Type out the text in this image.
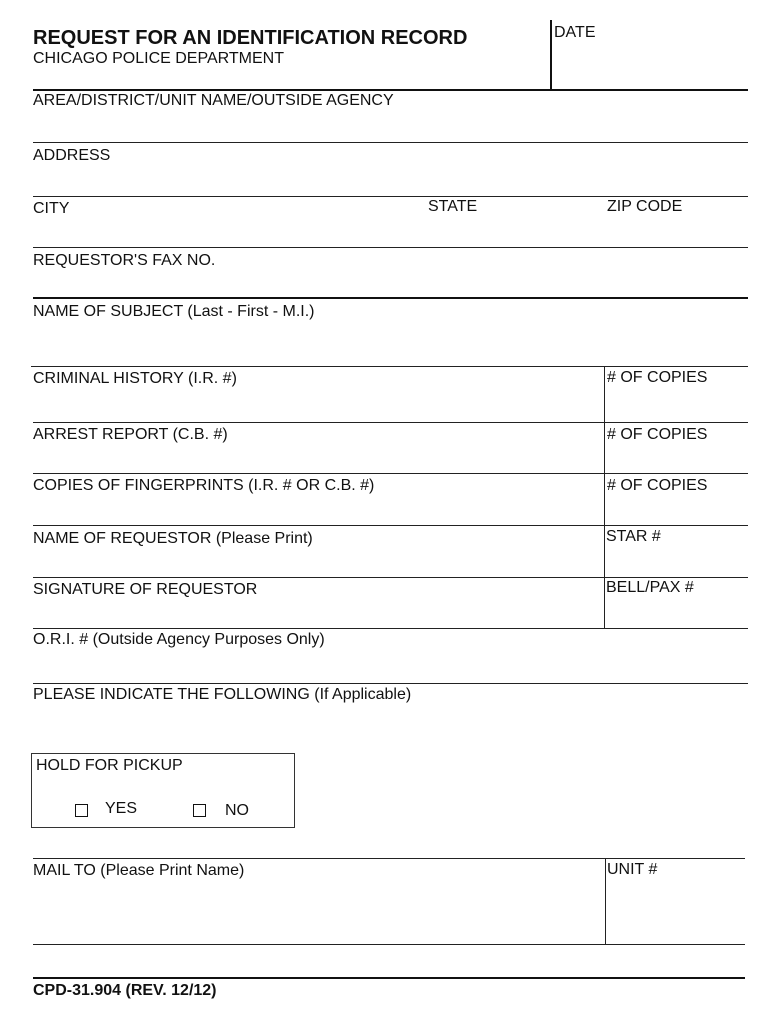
REQUEST FOR AN IDENTIFICATION RECORD
CHICAGO POLICE DEPARTMENT
DATE
AREA/DISTRICT/UNIT NAME/OUTSIDE AGENCY
ADDRESS
CITY	STATE	ZIP CODE
REQUESTOR'S FAX NO.
NAME OF SUBJECT (Last - First - M.I.)
CRIMINAL HISTORY (I.R. #)	# OF COPIES
ARREST REPORT (C.B. #)	# OF COPIES
COPIES OF FINGERPRINTS (I.R. # OR C.B. #)	# OF COPIES
NAME OF REQUESTOR (Please Print)	STAR #
SIGNATURE OF REQUESTOR	BELL/PAX #
O.R.I. # (Outside Agency Purposes Only)
PLEASE INDICATE THE FOLLOWING (If Applicable)
HOLD FOR PICKUP
YES	NO
MAIL TO (Please Print Name)	UNIT #
CPD-31.904 (REV. 12/12)
